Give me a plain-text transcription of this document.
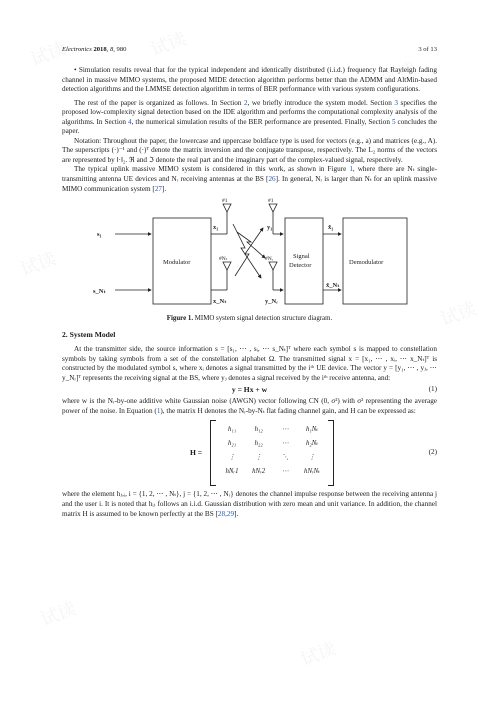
试读	试读
试读
试读
试读
试读
试读
Electronics 2018, 8, 980	3 of 13

• Simulation results reveal that for the typical independent and identically distributed (i.i.d.) frequency flat Rayleigh fading channel in massive MIMO systems, the proposed MIDE detection algorithm performs better than the ADMM and AltMin-based detection algorithms and the LMMSE detection algorithm in terms of BER performance with various system configurations.

The rest of the paper is organized as follows. In Section 2, we briefly introduce the system model. Section 3 specifies the proposed low-complexity signal detection based on the IDE algorithm and performs the computational complexity analysis of the algorithms. In Section 4, the numerical simulation results of the BER performance are presented. Finally, Section 5 concludes the paper.

Notation: Throughout the paper, the lowercase and uppercase boldface type is used for vectors (e.g., a) and matrices (e.g., A). The superscripts (·)⁻¹ and (·)ᵀ denote the matrix inversion and the conjugate transpose, respectively. The L₂ norms of the vectors are represented by ‖·‖₂. ℜ and ℑ denote the real part and the imaginary part of the complex-valued signal, respectively.

The typical uplink massive MIMO system is considered in this work, as shown in Figure 1, where there are Nₜ single-transmitting antenna UE devices and Nᵣ receiving antennas at the BS [26]. In general, Nᵣ is larger than Nₜ for an uplink massive MIMO communication system [27].

s₁
s_Nₜ
x₁
x_Nₜ
y₁
y_Nᵣ
x̂₁
x̂_Nₜ
#1
#Nₜ
#1
#Nᵣ
Modulator
Signal
Detector	Demodulator
Figure 1. MIMO system signal detection structure diagram.
2. System Model

At the transmitter side, the source information s = [s₁, ⋯ , sᵢ, ⋯ s_Nₜ]ᵀ where each symbol s is mapped to constellation symbols by taking symbols from a set of the constellation alphabet Ω. The transmitted signal x = [x₁, ⋯ , xᵢ, ⋯ x_Nₜ]ᵀ is constructed by the modulated symbol s, where xᵢ denotes a signal transmitted by the iᵗʰ UE device. The vector y = [y₁, ⋯ , yⱼ, ⋯ y_Nᵣ]ᵀ represents the receiving signal at the BS, where yⱼ denotes a signal received by the iᵗʰ receive antenna, and:

y = Hx + w	(1)

where w is the Nᵣ-by-one additive white Gaussian noise (AWGN) vector following CN (0, σ²) with σ² representing the average power of the noise. In Equation (1), the matrix H denotes the Nᵣ-by-Nₜ flat fading channel gain, and H can be expressed as:

H =
h₁₁	h₁₂	⋯	h₁Nₜ
h₂₁	h₂₂	⋯	h₂Nₜ
⋮	⋮	⋱	⋮
hNᵣ1	hNᵣ2	⋯	hNᵣNₜ
(2)

where the element hⱼ,ᵢ, i = {1, 2, ⋯ , Nₜ}, j = {1, 2, ⋯ , Nᵣ} denotes the channel impulse response between the receiving antenna j and the user i. It is noted that hᵢⱼ follows an i.i.d. Gaussian distribution with zero mean and unit variance. In addition, the channel matrix H is assumed to be known perfectly at the BS [28,29].
